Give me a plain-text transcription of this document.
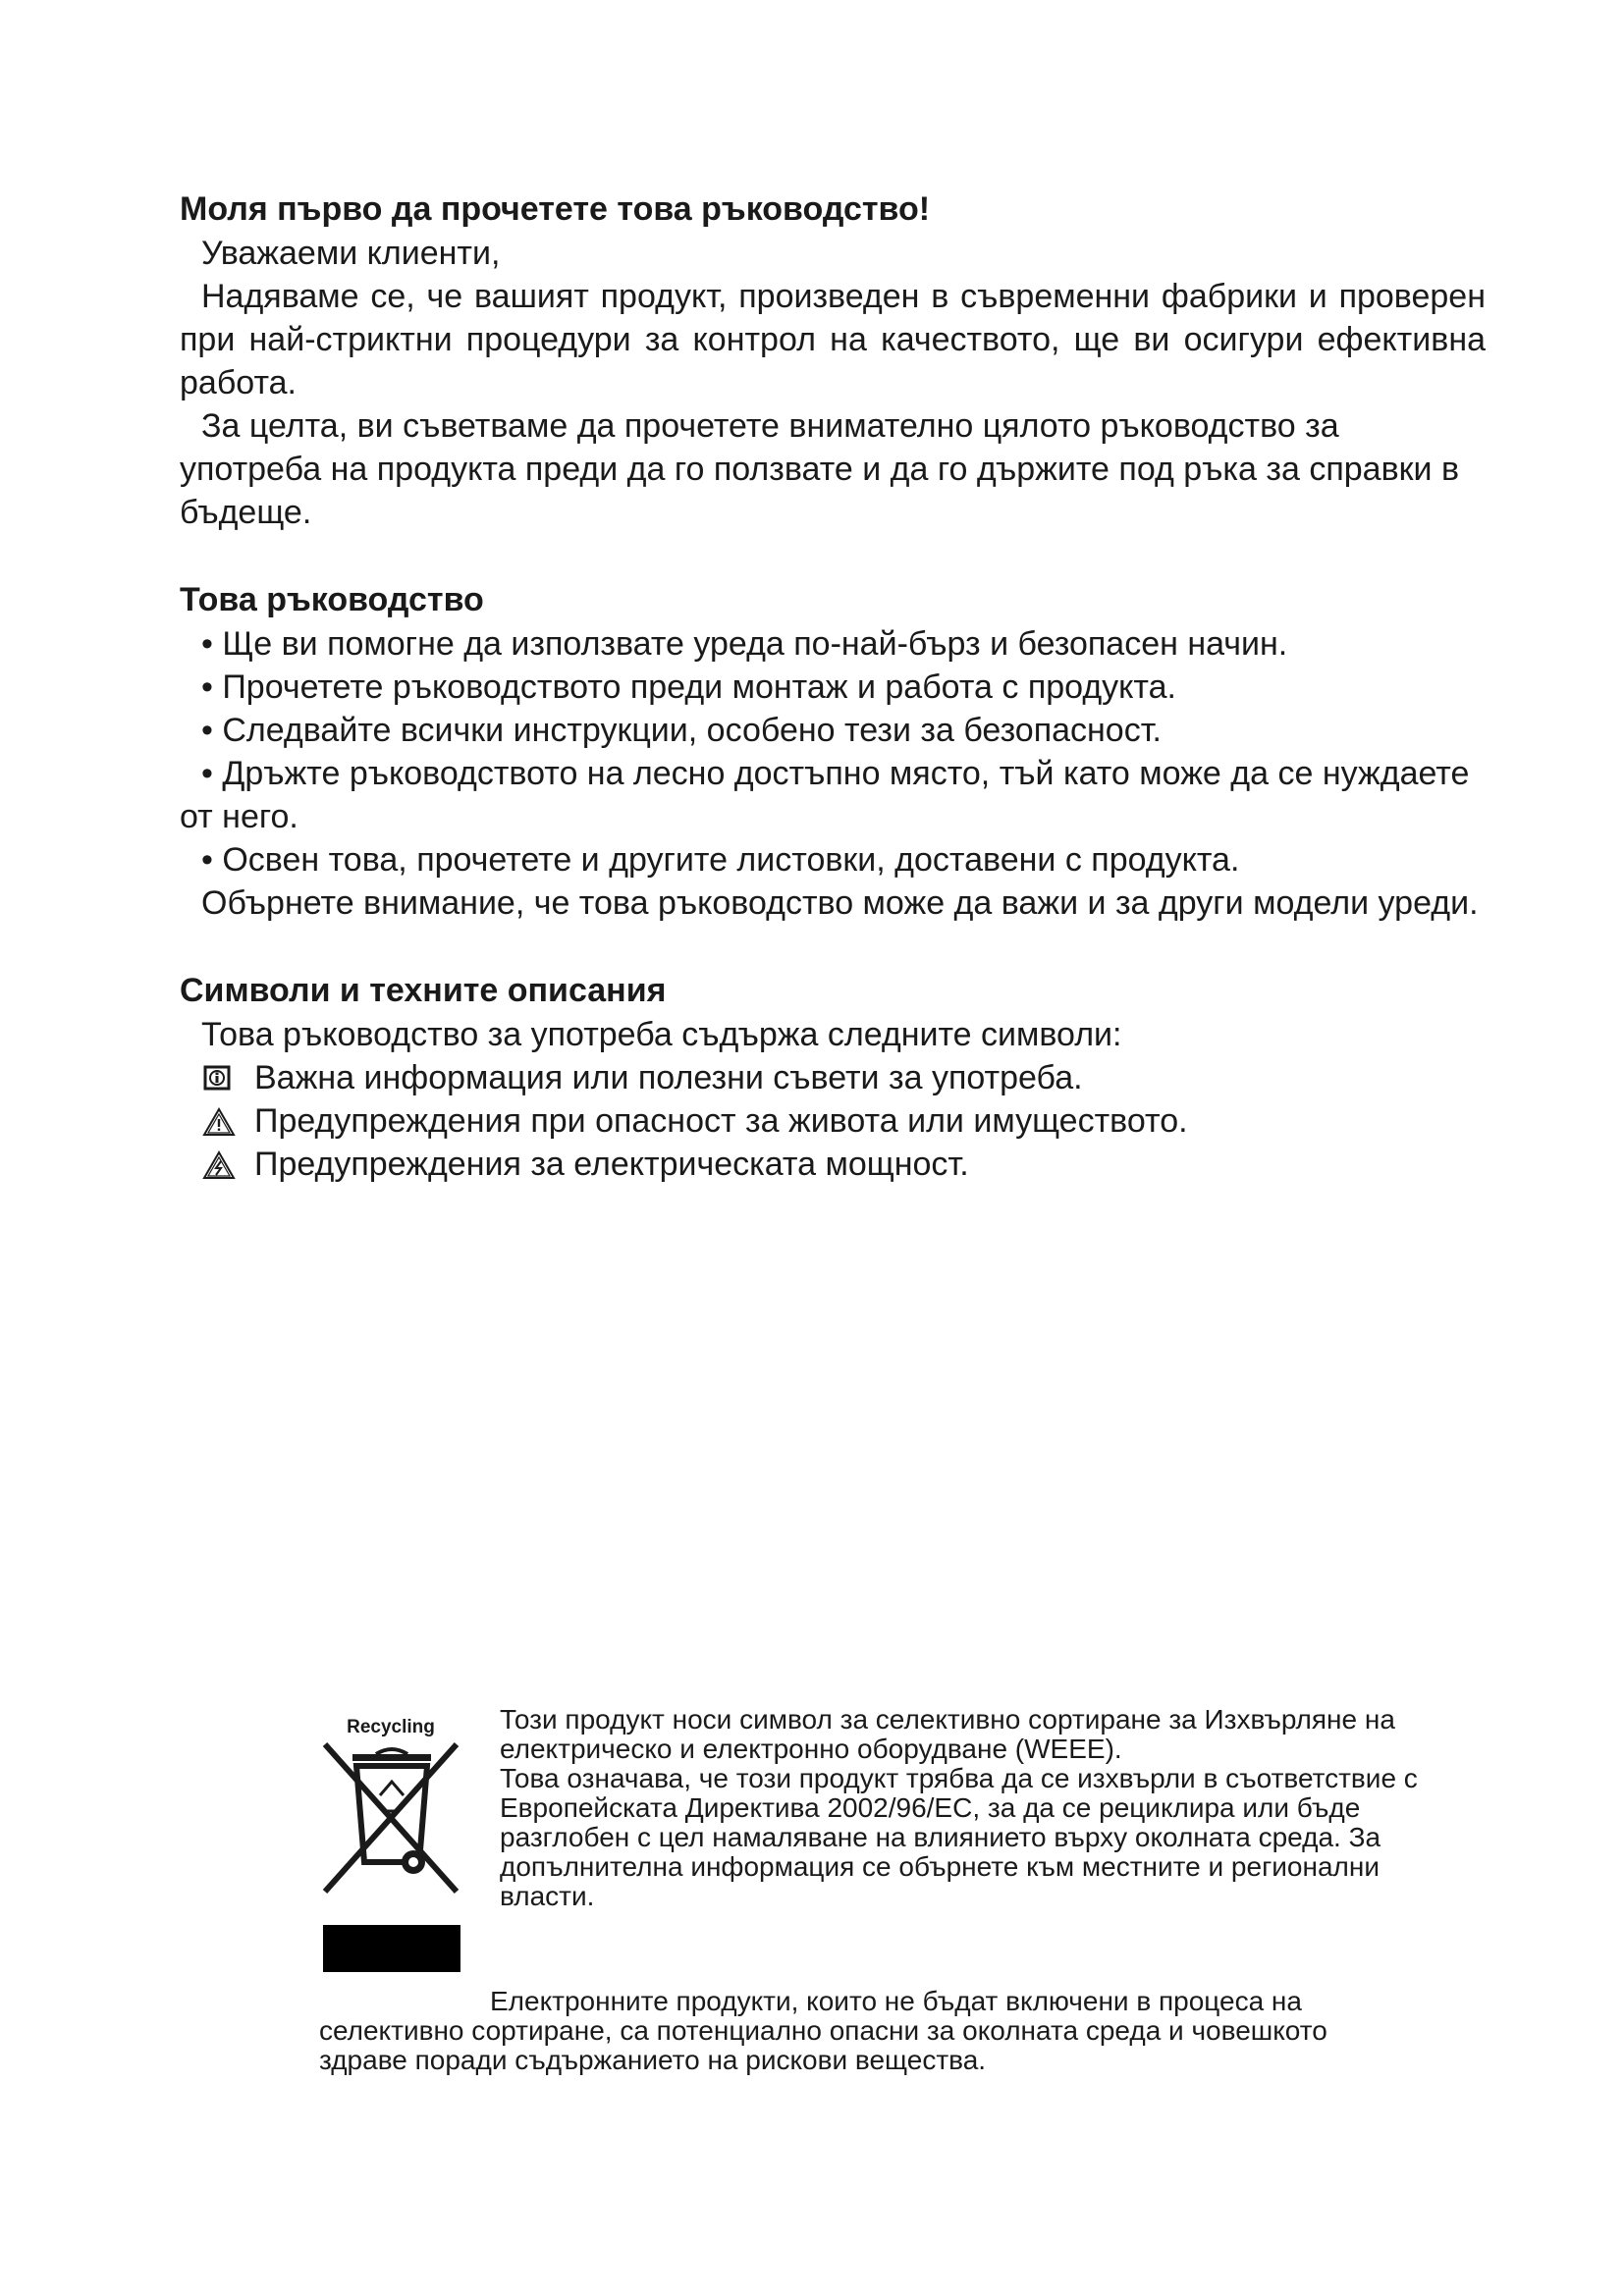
Моля първо да прочетете това ръководство!

Уважаеми клиенти,

Надяваме се, че вашият продукт, произведен в съвременни фабрики и проверен при най-стриктни процедури за контрол на качеството, ще ви осигури ефективна работа.

За целта, ви съветваме да прочетете внимателно цялото ръководство за употреба на продукта преди да го ползвате и да го държите под ръка за справки в бъдеще.

Това ръководство

• Ще ви помогне да използвате уреда по-най-бърз и безопасен начин.

• Прочетете ръководството преди монтаж и работа с продукта.

• Следвайте всички инструкции, особено тези за безопасност.

• Дръжте ръководството на лесно достъпно място, тъй като може да се нуждаете от него.

• Освен това, прочетете и другите листовки, доставени с продукта.

Обърнете внимание, че това ръководство може да важи и за други модели уреди.

Символи и техните описания

Това ръководство за употреба съдържа следните символи:

Важна информация или полезни съвети за употреба.
Предупреждения при опасност за живота или имуществото.
Предупреждения за електрическата мощност.
Recycling Този продукт носи символ за селективно сортиране за Изхвърляне на електрическо и електронно оборудване (WEEE).

Това означава, че този продукт трябва да се изхвърли в съответствие с Европейската Директива 2002/96/ЕС, за да се рециклира или бъде разглобен с цел намаляване на влиянието върху околната среда. За допълнителна информация се обърнете към местните и регионални власти.

Електронните продукти, които не бъдат включени в процеса на селективно сортиране, са потенциално опасни за околната среда и човешкото здраве поради съдържанието на рискови вещества.
